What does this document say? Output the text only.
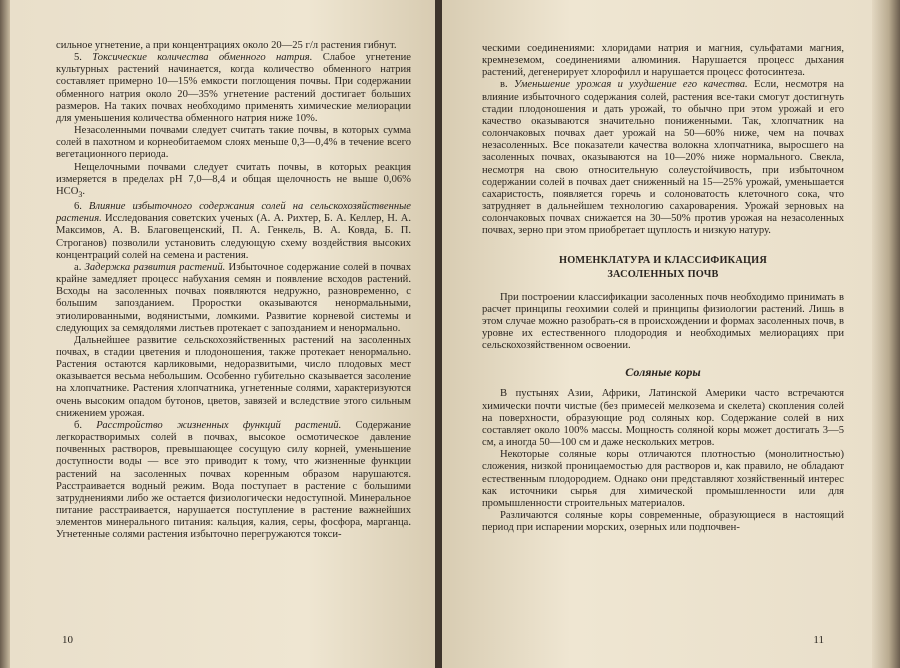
сильное угнетение, а при концентрациях около 20—25 г/л растения гибнут.

5. Токсические количества обменного натрия. Слабое угнетение культурных растений начинается, когда количество обменного натрия составляет примерно 10—15% емкости поглощения почвы. При содержании обменного натрия около 20—35% угнетение растений достигает больших размеров. На таких почвах необходимо применять химические мелиорации для уменьшения количества обменного натрия ниже 10%.

Незасоленными почвами следует считать такие почвы, в которых сумма солей в пахотном и корнеобитаемом слоях меньше 0,3—0,4% в течение всего вегетационного периода.

Нещелочными почвами следует считать почвы, в которых реакция измеряется в пределах pH 7,0—8,4 и общая щелочность не выше 0,06% $HCO_3$.

6. Влияние избыточного содержания солей на сельскохозяйственные растения. Исследования советских ученых (А. А. Рихтер, Б. А. Келлер, Н. А. Максимов, А. В. Благовещенский, П. А. Генкель, В. А. Ковда, Б. П. Строганов) позволили установить следующую схему воздействия высоких концентраций солей на семена и растения.

а. Задержка развития растений. Избыточное содержание солей в почвах крайне замедляет процесс набухания семян и появление всходов растений. Всходы на засоленных почвах появляются недружно, разновременно, с большим запозданием. Проростки оказываются ненормальными, этиолированными, водянистыми, ломкими. Развитие корневой системы и следующих за семядолями листьев протекает с запозданием и ненормально.

Дальнейшее развитие сельскохозяйственных растений на засоленных почвах, в стадии цветения и плодоношения, также протекает ненормально. Растения остаются карликовыми, недоразвитыми, число плодовых мест оказывается весьма небольшим. Особенно губительно сказывается засоление на хлопчатнике. Растения хлопчатника, угнетенные солями, характеризуются очень высоким опадом бутонов, цветов, завязей и вследствие этого сильным снижением урожая.

б. Расстройство жизненных функций растений. Содержание легкорастворимых солей в почвах, высокое осмотическое давление почвенных растворов, превышающее сосущую силу корней, уменьшение доступности воды — все это приводит к тому, что жизненные функции растений на засоленных почвах коренным образом нарушаются. Расстраивается водный режим. Вода поступает в растение с большими затруднениями либо же остается физиологически недоступной. Минеральное питание расстраивается, нарушается поступление в растение важнейших элементов минерального питания: кальция, калия, серы, фосфора, марганца. Угнетенные солями растения избыточно перегружаются токси-

10

ческими соединениями: хлоридами натрия и магния, сульфатами магния, кремнеземом, соединениями алюминия. Нарушается процесс дыхания растений, дегенерирует хлорофилл и нарушается процесс фотосинтеза.

в. Уменьшение урожая и ухудшение его качества. Если, несмотря на влияние избыточного содержания солей, растения все-таки смогут достигнуть стадии плодоношения и дать урожай, то обычно при этом урожай и его качество оказываются значительно пониженными. Так, хлопчатник на солончаковых почвах дает урожай на 50—60% ниже, чем на почвах незасоленных. Все показатели качества волокна хлопчатника, выросшего на засоленных почвах, оказываются на 10—20% ниже нормального. Свекла, несмотря на свою относительную солеустойчивость, при избыточном содержании солей в почвах дает сниженный на 15—25% урожай, уменьшается сахаристость, появляется горечь и солоноватость клеточного сока, что затрудняет в дальнейшем технологию сахароварения. Урожай зерновых на солончаковых почвах снижается на 30—50% против урожая на незасоленных почвах, зерно при этом приобретает щуплость и низкую натуру.

НОМЕНКЛАТУРА И КЛАССИФИКАЦИЯ
ЗАСОЛЕННЫХ ПОЧВ

При построении классификации засоленных почв необходимо принимать в расчет принципы геохимии солей и принципы физиологии растений. Лишь в этом случае можно разобрать-ся в происхождении и формах засоленных почв, в уровне их естественного плодородия и необходимых мелиорациях при сельскохозяйственном освоении.

Соляные коры

В пустынях Азии, Африки, Латинской Америки часто встречаются химически почти чистые (без примесей мелкозема и скелета) скопления солей на поверхности, образующие род соляных кор. Содержание солей в них составляет около 100% массы. Мощность соляной коры может достигать 3—5 см, а иногда 50—100 см и даже нескольких метров.

Некоторые соляные коры отличаются плотностью (монолитностью) сложения, низкой проницаемостью для растворов и, как правило, не обладают естественным плодородием. Однако они представляют хозяйственный интерес как источники сырья для химической промышленности или для промышленности строительных материалов.

Различаются соляные коры современные, образующиеся в настоящий период при испарении морских, озерных или подпочвен-

11
